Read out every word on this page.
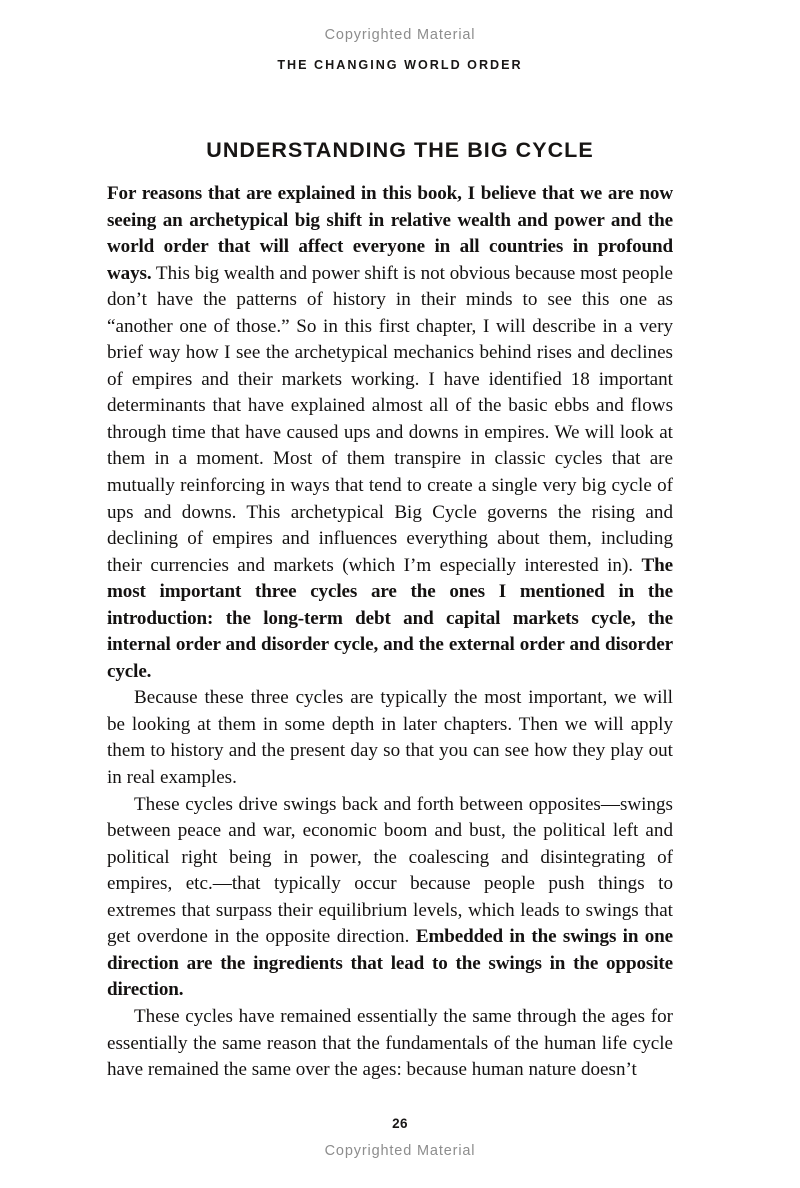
Copyrighted Material
THE CHANGING WORLD ORDER
UNDERSTANDING THE BIG CYCLE

For reasons that are explained in this book, I believe that we are now seeing an archetypical big shift in relative wealth and power and the world order that will affect everyone in all countries in profound ways. This big wealth and power shift is not obvious because most people don’t have the patterns of history in their minds to see this one as “another one of those.” So in this first chapter, I will describe in a very brief way how I see the archetypical mechanics behind rises and declines of empires and their markets working. I have identified 18 important determinants that have explained almost all of the basic ebbs and flows through time that have caused ups and downs in empires. We will look at them in a moment. Most of them transpire in classic cycles that are mutually reinforcing in ways that tend to create a single very big cycle of ups and downs. This archetypical Big Cycle governs the rising and declining of empires and influences everything about them, including their currencies and markets (which I’m especially interested in). The most important three cycles are the ones I mentioned in the introduction: the long-term debt and capital markets cycle, the internal order and disorder cycle, and the external order and disorder cycle.

Because these three cycles are typically the most important, we will be looking at them in some depth in later chapters. Then we will apply them to history and the present day so that you can see how they play out in real examples.

These cycles drive swings back and forth between opposites—swings between peace and war, economic boom and bust, the political left and political right being in power, the coalescing and disintegrating of empires, etc.—that typically occur because people push things to extremes that surpass their equilibrium levels, which leads to swings that get overdone in the opposite direction. Embedded in the swings in one direction are the ingredients that lead to the swings in the opposite direction.

These cycles have remained essentially the same through the ages for essentially the same reason that the fundamentals of the human life cycle have remained the same over the ages: because human nature doesn’t

26
Copyrighted Material
